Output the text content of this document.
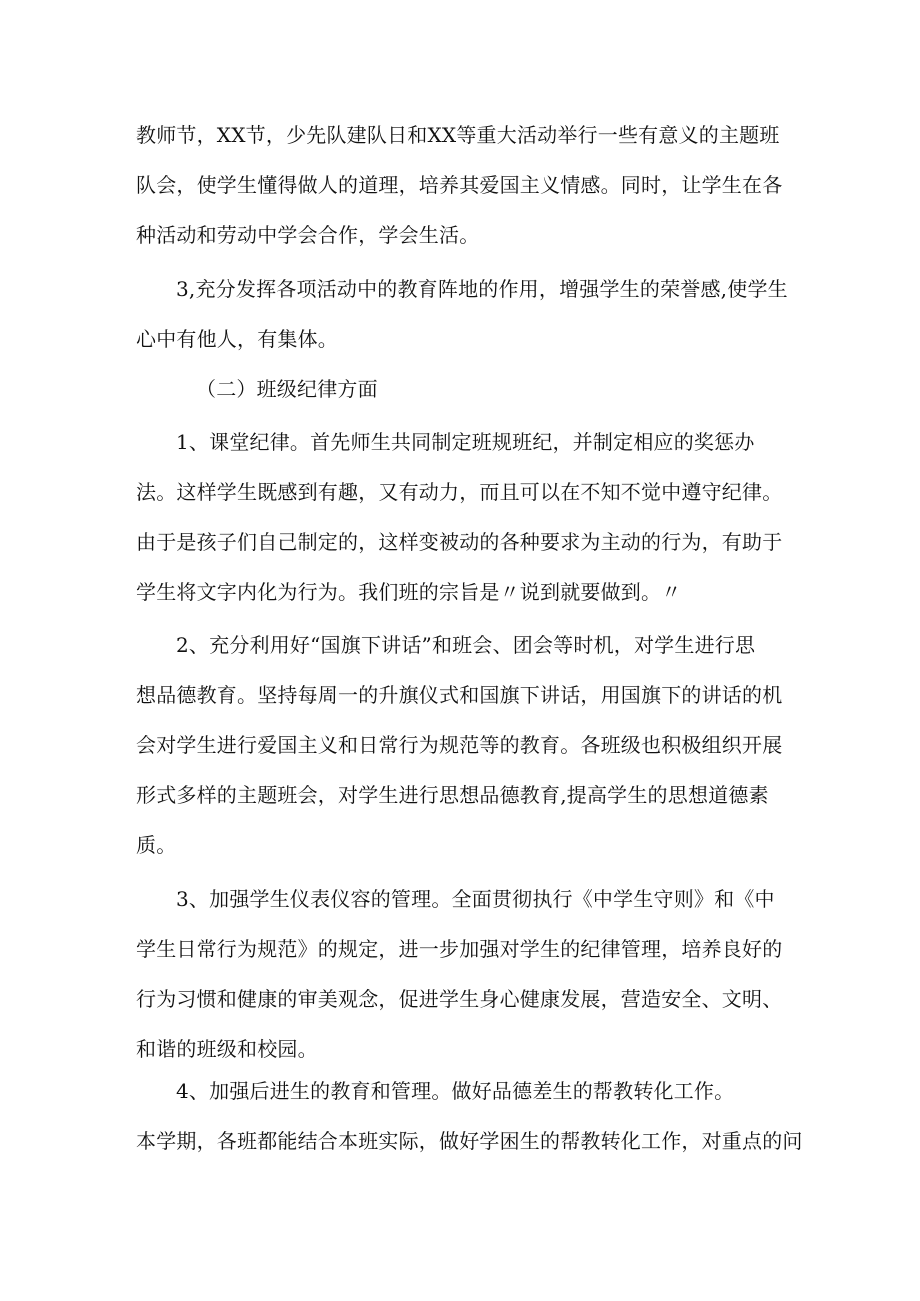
教师节，XX节，少先队建队日和XX等重大活动举行一些有意义的主题班
队会，使学生懂得做人的道理，培养其爱国主义情感。同时，让学生在各
种活动和劳动中学会合作，学会生活。
3,充分发挥各项活动中的教育阵地的作用，增强学生的荣誉感,使学生
心中有他人，有集体。
（二）班级纪律方面
1、课堂纪律。首先师生共同制定班规班纪，并制定相应的奖惩办
法。这样学生既感到有趣，又有动力，而且可以在不知不觉中遵守纪律。
由于是孩子们自己制定的，这样变被动的各种要求为主动的行为，有助于
学生将文字内化为行为。我们班的宗旨是〃说到就要做到。〃
2、充分利用好“国旗下讲话”和班会、团会等时机，对学生进行思
想品德教育。坚持每周一的升旗仪式和国旗下讲话，用国旗下的讲话的机
会对学生进行爱国主义和日常行为规范等的教育。各班级也积极组织开展
形式多样的主题班会，对学生进行思想品德教育,提高学生的思想道德素
质。
3、加强学生仪表仪容的管理。全面贯彻执行《中学生守则》和《中
学生日常行为规范》的规定，进一步加强对学生的纪律管理，培养良好的
行为习惯和健康的审美观念，促进学生身心健康发展，营造安全、文明、
和谐的班级和校园。
4、加强后进生的教育和管理。做好品德差生的帮教转化工作。
本学期，各班都能结合本班实际，做好学困生的帮教转化工作，对重点的问
